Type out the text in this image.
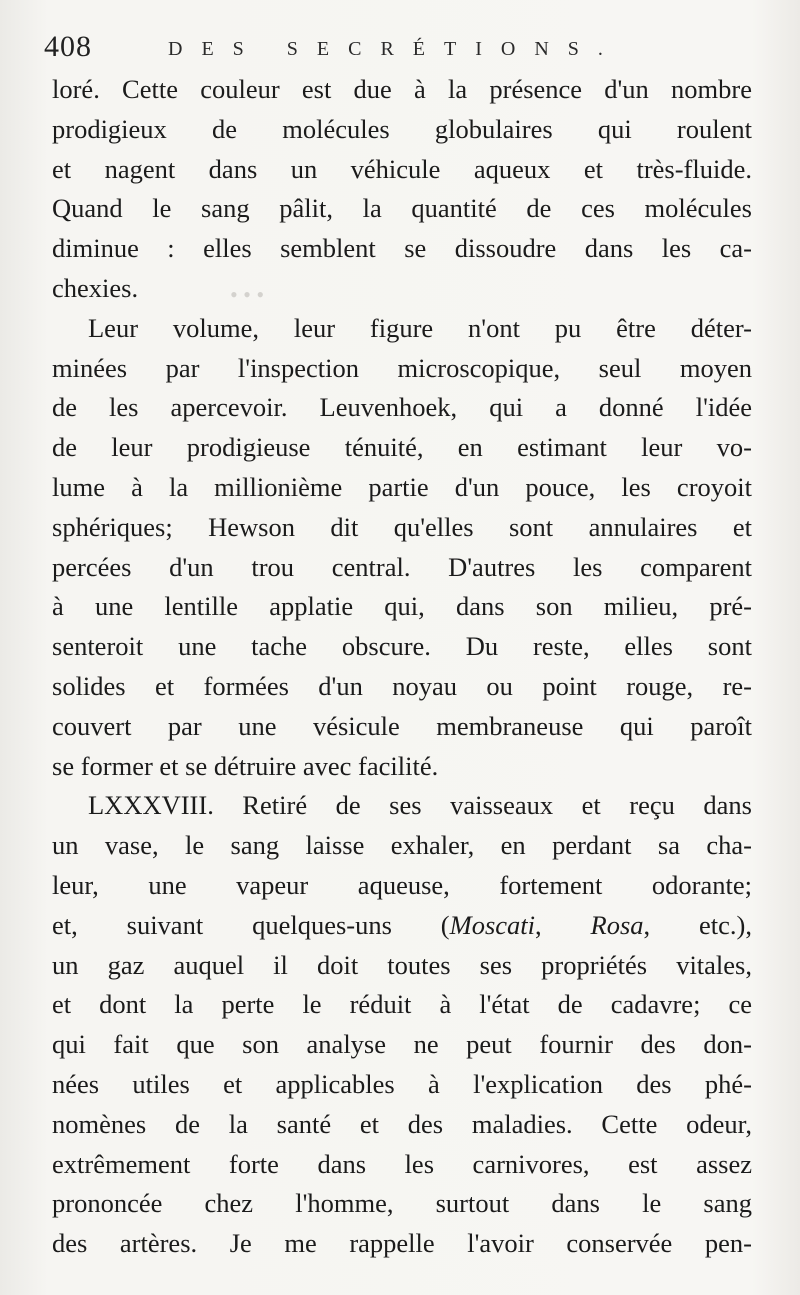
408	DES SECRÉTIONS.
• • •
loré. Cette couleur est due à la présence d'un nombre
prodigieux de molécules globulaires qui roulent
et nagent dans un véhicule aqueux et très-fluide.
Quand le sang pâlit, la quantité de ces molécules
diminue : elles semblent se dissoudre dans les ca-
chexies.
Leur volume, leur figure n'ont pu être déter-
minées par l'inspection microscopique, seul moyen
de les apercevoir. Leuvenhoek, qui a donné l'idée
de leur prodigieuse ténuité, en estimant leur vo-
lume à la millionième partie d'un pouce, les croyoit
sphériques; Hewson dit qu'elles sont annulaires et
percées d'un trou central. D'autres les comparent
à une lentille applatie qui, dans son milieu, pré-
senteroit une tache obscure. Du reste, elles sont
solides et formées d'un noyau ou point rouge, re-
couvert par une vésicule membraneuse qui paroît
se former et se détruire avec facilité.
LXXXVIII. Retiré de ses vaisseaux et reçu dans
un vase, le sang laisse exhaler, en perdant sa cha-
leur, une vapeur aqueuse, fortement odorante;
et, suivant quelques-uns (Moscati, Rosa, etc.),
un gaz auquel il doit toutes ses propriétés vitales,
et dont la perte le réduit à l'état de cadavre; ce
qui fait que son analyse ne peut fournir des don-
nées utiles et applicables à l'explication des phé-
nomènes de la santé et des maladies. Cette odeur,
extrêmement forte dans les carnivores, est assez
prononcée chez l'homme, surtout dans le sang
des artères. Je me rappelle l'avoir conservée pen-
